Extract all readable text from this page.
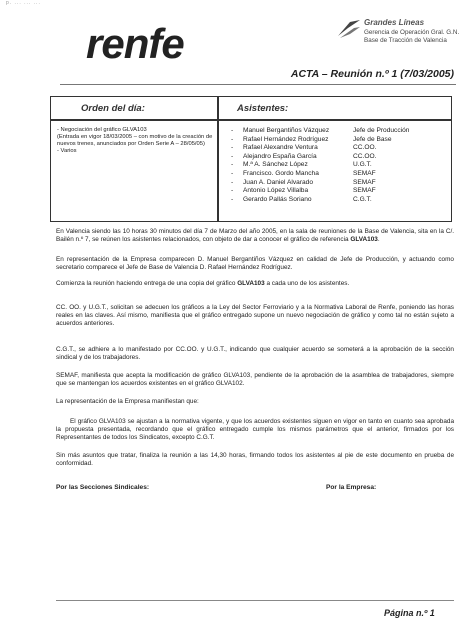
p. ... ... ...
renfe	Grandes Líneas
Gerencia de Operación Gral. G.N.
Base de Tracción de Valencia
ACTA – Reunión n.º 1 (7/03/2005)
Orden del día:	Asistentes:

- Negociación del gráfico GLVA103

(Entrada en vigor 18/03/2005 – con motivo de la creación de nuevos trenes, anunciados por Orden Serie A – 28/05/05)

- Varios

- Manuel Bergantiños Vázquez	Jefe de Producción
- Rafael Hernández Rodríguez	Jefe de Base
- Rafael Alexandre Ventura	CC.OO.
- Alejandro España García	CC.OO.
- M.ª A. Sánchez López	U.G.T.
- Francisco. Gordo Mancha	SEMAF
- Juan A. Daniel Alvarado	SEMAF
- Antonio López Villalba	SEMAF
- Gerardo Pallás Soriano	C.G.T.

En Valencia siendo las 10 horas 30 minutos del día 7 de Marzo del año 2005, en la sala de reuniones de la Base de Valencia, sita en la C/. Bailén n.º 7, se reúnen los asistentes relacionados, con objeto de dar a conocer el gráfico de referencia GLVA103.

En representación de la Empresa comparecen D. Manuel Bergantiños Vázquez en calidad de Jefe de Producción, y actuando como secretario comparece el Jefe de Base de Valencia D. Rafael Hernández Rodríguez.

Comienza la reunión haciendo entrega de una copia del gráfico GLVA103 a cada uno de los asistentes.

CC. OO. y U.G.T., solicitan se adecuen los gráficos a la Ley del Sector Ferroviario y a la Normativa Laboral de Renfe, poniendo las horas reales en las claves. Así mismo, manifiesta que el gráfico entregado supone un nuevo negociación de gráfico y como tal no están sujeto a acuerdos anteriores.

C.G.T., se adhiere a lo manifestado por CC.OO. y U.G.T., indicando que cualquier acuerdo se someterá a la aprobación de la sección sindical y de los trabajadores.

SEMAF, manifiesta que acepta la modificación de gráfico GLVA103, pendiente de la aprobación de la asamblea de trabajadores, siempre que se mantengan los acuerdos existentes en el gráfico GLVA102.

La representación de la Empresa manifiestan que:

El gráfico GLVA103 se ajustan a la normativa vigente, y que los acuerdos existentes siguen en vigor en tanto en cuanto sea aprobada la propuesta presentada, recordando que el gráfico entregado cumple los mismos parámetros que el anterior, firmados por los Representantes de todos los Sindicatos, excepto C.G.T.

Sin más asuntos que tratar, finaliza la reunión a las 14,30 horas, firmando todos los asistentes al pie de este documento en prueba de conformidad.

Por las Secciones Sindicales:	Por la Empresa:
Página n.º 1
